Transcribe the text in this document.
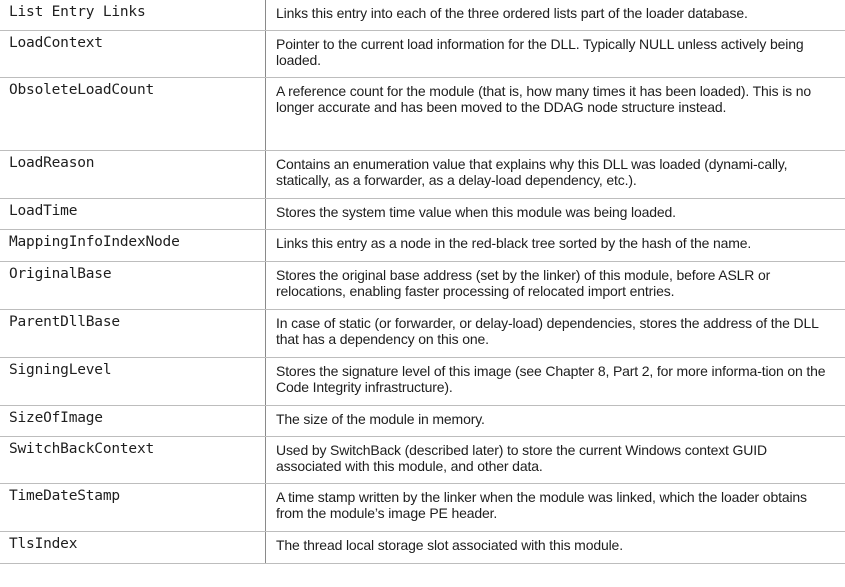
List Entry Links	Links this entry into each of the three ordered lists part of the loader database.
LoadContext	Pointer to the current load information for the DLL. Typically NULL unless actively being loaded.
ObsoleteLoadCount	A reference count for the module (that is, how many times it has been loaded). This is no longer accurate and has been moved to the DDAG node structure instead.
LoadReason	Contains an enumeration value that explains why this DLL was loaded (dynami-cally, statically, as a forwarder, as a delay-load dependency, etc.).
LoadTime	Stores the system time value when this module was being loaded.
MappingInfoIndexNode	Links this entry as a node in the red-black tree sorted by the hash of the name.
OriginalBase	Stores the original base address (set by the linker) of this module, before ASLR or relocations, enabling faster processing of relocated import entries.
ParentDllBase	In case of static (or forwarder, or delay-load) dependencies, stores the address of the DLL that has a dependency on this one.
SigningLevel	Stores the signature level of this image (see Chapter 8, Part 2, for more informa-tion on the Code Integrity infrastructure).
SizeOfImage	The size of the module in memory.
SwitchBackContext	Used by SwitchBack (described later) to store the current Windows context GUID associated with this module, and other data.
TimeDateStamp	A time stamp written by the linker when the module was linked, which the loader obtains from the module’s image PE header.
TlsIndex	The thread local storage slot associated with this module.
